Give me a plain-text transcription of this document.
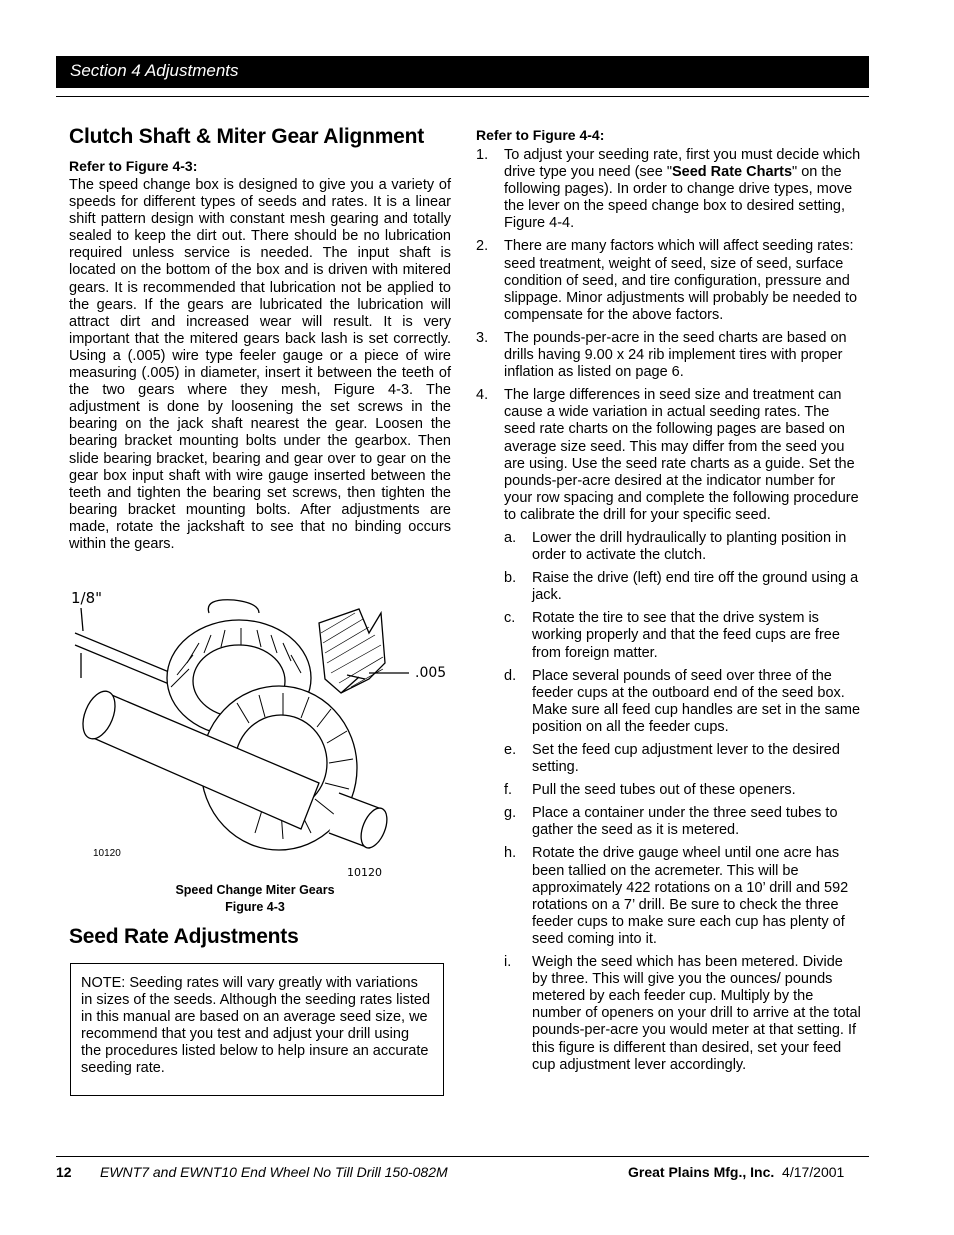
Section 4 Adjustments
Clutch Shaft & Miter Gear Alignment
Refer to Figure 4-3:

The speed change box is designed to give you a variety of speeds for different types of seeds and rates. It is a linear shift pattern design with constant mesh gearing and totally sealed to keep the dirt out. There should be no lubrication required unless service is needed. The input shaft is located on the bottom of the box and is driven with mitered gears. It is recommended that lubrication not be applied to the gears. If the gears are lubricated the lubrication will attract dirt and increased wear will result. It is very important that the mitered gears back lash is set correctly. Using a (.005) wire type feeler gauge or a piece of wire measuring (.005) in diameter, insert it between the teeth of the two gears where they mesh, Figure 4-3. The adjustment is done by loosening the set screws in the bearing on the jack shaft nearest the gear. Loosen the bearing bracket mounting bolts under the gearbox. Then slide bearing bracket, bearing and gear over to gear on the gear box input shaft with wire gauge inserted between the teeth and tighten the bearing set screws, then tighten the bearing bracket mounting bolts. After adjustments are made, rotate the jackshaft to see that no binding occurs within the gears.

1/8"
.005
10120
10120
Speed Change Miter Gears
Figure 4-3
Seed Rate Adjustments
NOTE: Seeding rates will vary greatly with variations in sizes of the seeds. Although the seeding rates listed in this manual are based on an average seed size, we recommend that you test and adjust your drill using the procedures listed below to help insure an accurate seeding rate.
Refer to Figure 4-4:
1. To adjust your seeding rate, first you must decide which drive type you need (see "Seed Rate Charts" on the following pages). In order to change drive types, move the lever on the speed change box to desired setting, Figure 4-4.
2. There are many factors which will affect seeding rates: seed treatment, weight of seed, size of seed, surface condition of seed, and tire configuration, pressure and slippage. Minor adjustments will probably be needed to compensate for the above factors.
3. The pounds-per-acre in the seed charts are based on drills having 9.00 x 24 rib implement tires with proper inflation as listed on page 6.
4. The large differences in seed size and treatment can cause a wide variation in actual seeding rates. The seed rate charts on the following pages are based on average size seed. This may differ from the seed you are using. Use the seed rate charts as a guide. Set the pounds-per-acre desired at the indicator number for your row spacing and complete the following procedure to calibrate the drill for your specific seed.
a. Lower the drill hydraulically to planting position in order to activate the clutch.
b. Raise the drive (left) end tire off the ground using a jack.
c. Rotate the tire to see that the drive system is working properly and that the feed cups are free from foreign matter.
d. Place several pounds of seed over three of the feeder cups at the outboard end of the seed box. Make sure all feed cup handles are set in the same position on all the feeder cups.
e. Set the feed cup adjustment lever to the desired setting.
f. Pull the seed tubes out of these openers.
g. Place a container under the three seed tubes to gather the seed as it is metered.
h. Rotate the drive gauge wheel until one acre has been tallied on the acremeter. This will be approximately 422 rotations on a 10’ drill and 592 rotations on a 7’ drill. Be sure to check the three feeder cups to make sure each cup has plenty of seed coming into it.
i. Weigh the seed which has been metered. Divide by three. This will give you the ounces/ pounds metered by each feeder cup. Multiply by the number of openers on your drill to arrive at the total pounds-per-acre you would meter at that setting. If this figure is different than desired, set your feed cup adjustment lever accordingly.
12 EWNT7 and EWNT10 End Wheel No Till Drill 150-082M	Great Plains Mfg., Inc. 4/17/2001
